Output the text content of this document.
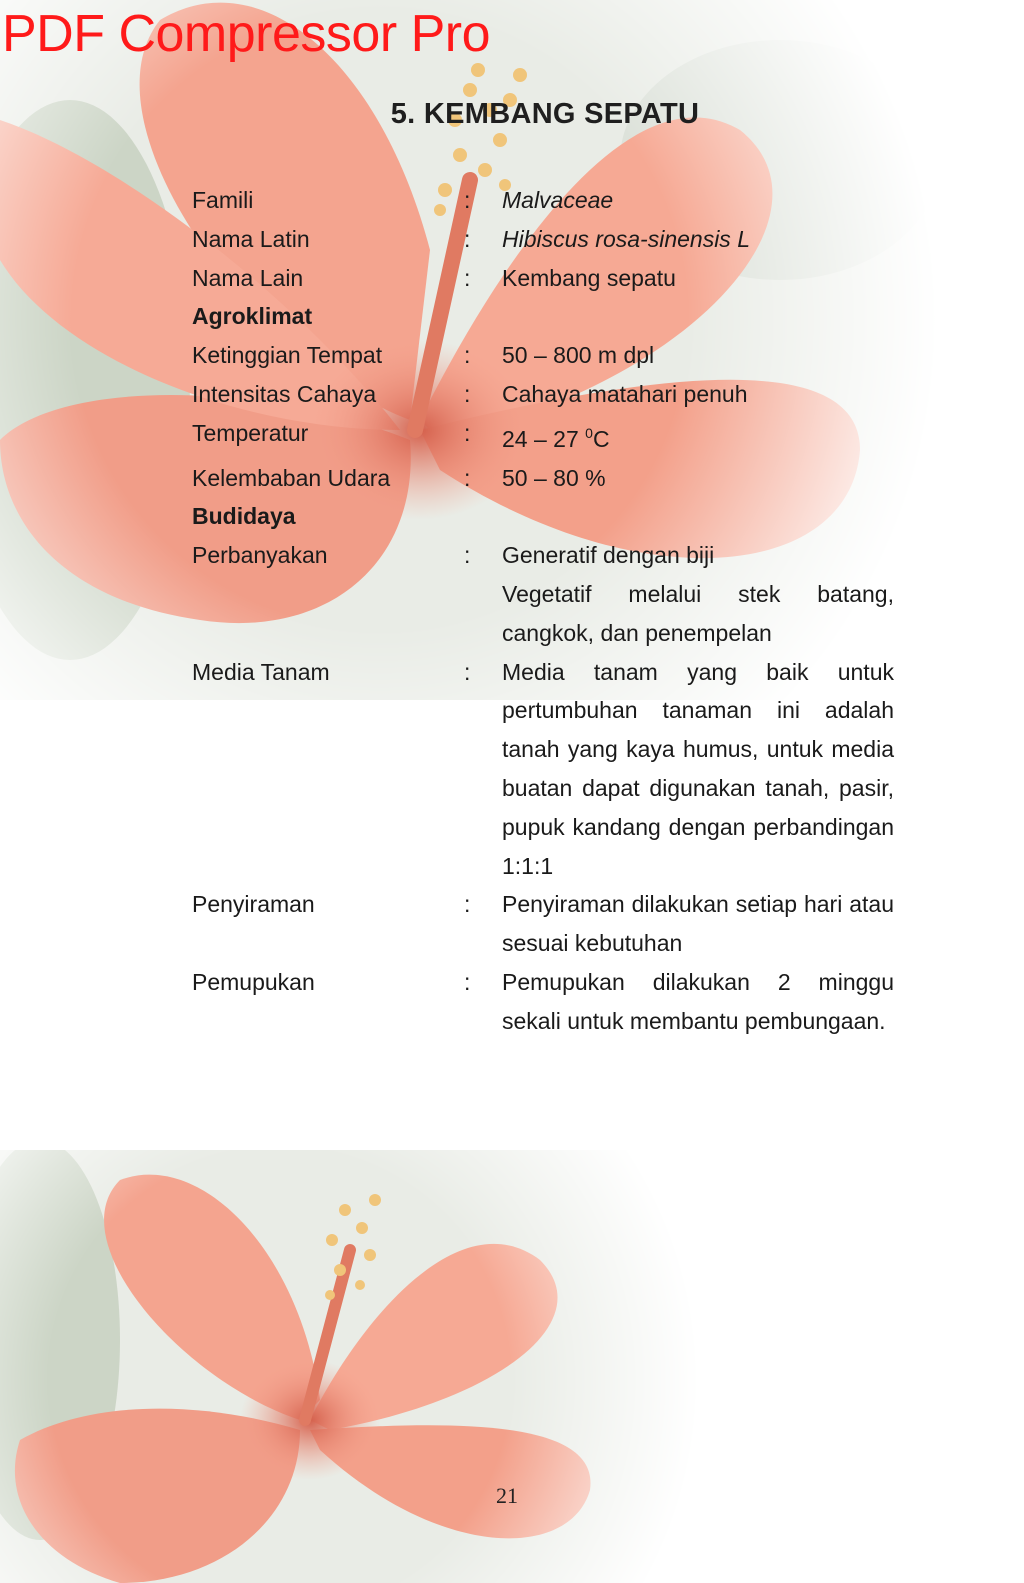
PDF Compressor Pro
5. KEMBANG SEPATU
Famili	: Malvaceae
Nama Latin	: Hibiscus rosa-sinensis L
Nama Lain	: Kembang sepatu
Agroklimat
Ketinggian Tempat	: 50 – 800 m dpl
Intensitas Cahaya	: Cahaya matahari penuh
Temperatur	: 24 – 27 $^0$C
Kelembaban Udara	: 50 – 80 %
Budidaya
Perbanyakan	: Generatif dengan biji
Vegetatif melalui stek batang, cangkok, dan penempelan
Media Tanam	: Media tanam yang baik untuk pertumbuhan tanaman ini adalah tanah yang kaya humus, untuk media buatan dapat digunakan tanah, pasir, pupuk kandang dengan perbandingan 1:1:1
Penyiraman	: Penyiraman dilakukan setiap hari atau sesuai kebutuhan
Pemupukan	: Pemupukan dilakukan 2 minggu sekali untuk membantu pembungaan.
21
